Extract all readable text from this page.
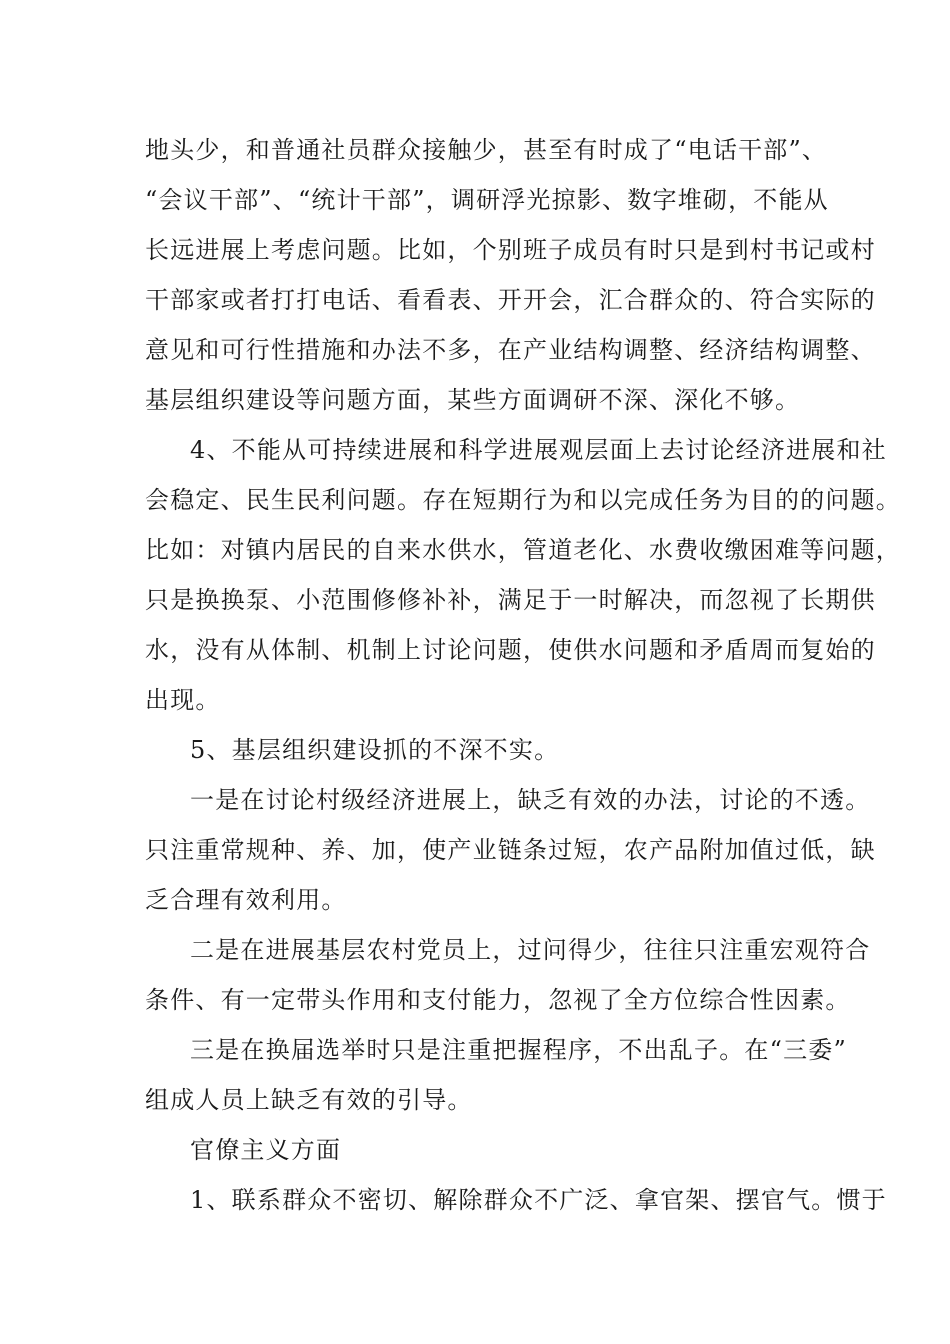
地头少，和普通社员群众接触少，甚至有时成了“电话干部”、
“会议干部”、“统计干部”，调研浮光掠影、数字堆砌，不能从
长远进展上考虑问题。比如，个别班子成员有时只是到村书记或村
干部家或者打打电话、看看表、开开会，汇合群众的、符合实际的
意见和可行性措施和办法不多，在产业结构调整、经济结构调整、
基层组织建设等问题方面，某些方面调研不深、深化不够。
4、不能从可持续进展和科学进展观层面上去讨论经济进展和社
会稳定、民生民利问题。存在短期行为和以完成任务为目的的问题。
比如：对镇内居民的自来水供水，管道老化、水费收缴困难等问题，
只是换换泵、小范围修修补补，满足于一时解决，而忽视了长期供
水，没有从体制、机制上讨论问题，使供水问题和矛盾周而复始的
出现。
5、基层组织建设抓的不深不实。
一是在讨论村级经济进展上，缺乏有效的办法，讨论的不透。
只注重常规种、养、加，使产业链条过短，农产品附加值过低，缺
乏合理有效利用。
二是在进展基层农村党员上，过问得少，往往只注重宏观符合
条件、有一定带头作用和支付能力，忽视了全方位综合性因素。
三是在换届选举时只是注重把握程序，不出乱子。在“三委”
组成人员上缺乏有效的引导。
官僚主义方面
1、联系群众不密切、解除群众不广泛、拿官架、摆官气。惯于
